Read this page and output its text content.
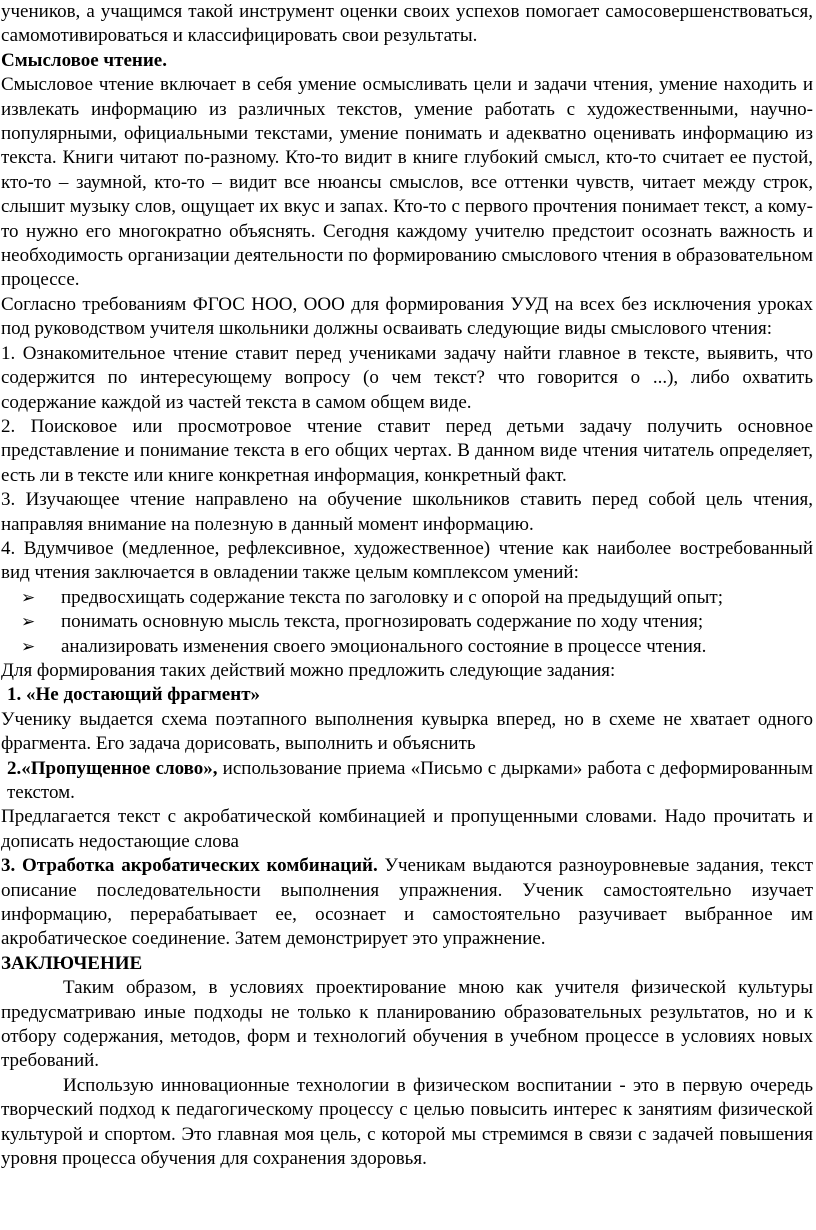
учеников, а учащимся такой инструмент оценки своих успехов помогает самосовершенствоваться, самомотивироваться и классифицировать свои результаты.

Смысловое чтение.

Смысловое чтение включает в себя умение осмысливать цели и задачи чтения, умение находить и извлекать информацию из различных текстов, умение работать с художественными, научно-популярными, официальными текстами, умение понимать и адекватно оценивать информацию из текста. Книги читают по-разному. Кто-то видит в книге глубокий смысл, кто-то считает ее пустой, кто-то – заумной, кто-то – видит все нюансы смыслов, все оттенки чувств, читает между строк, слышит музыку слов, ощущает их вкус и запах. Кто-то с первого прочтения понимает текст, а кому-то нужно его многократно объяснять. Сегодня каждому учителю предстоит осознать важность и необходимость организации деятельности по формированию смыслового чтения в образовательном процессе.

Согласно требованиям ФГОС НОО, ООО для формирования УУД на всех без исключения уроках под руководством учителя школьники должны осваивать следующие виды смыслового чтения:

1. Ознакомительное чтение ставит перед учениками задачу найти главное в тексте, выявить, что содержится по интересующему вопросу (о чем текст? что говорится о ...), либо охватить содержание каждой из частей текста в самом общем виде.

2. Поисковое или просмотровое чтение ставит перед детьми задачу получить основное представление и понимание текста в его общих чертах. В данном виде чтения читатель определяет, есть ли в тексте или книге конкретная информация, конкретный факт.

3. Изучающее чтение направлено на обучение школьников ставить перед собой цель чтения, направляя внимание на полезную в данный момент информацию.

4. Вдумчивое (медленное, рефлексивное, художественное) чтение как наиболее востребованный вид чтения заключается в овладении также целым комплексом умений:

➢	предвосхищать содержание текста по заголовку и с опорой на предыдущий опыт;
➢	понимать основную мысль текста, прогнозировать содержание по ходу чтения;
➢	анализировать изменения своего эмоционального состояние в процессе чтения.

Для формирования таких действий можно предложить следующие задания:

1. «Не достающий фрагмент»

Ученику выдается схема поэтапного выполнения кувырка вперед, но в схеме не хватает одного фрагмента. Его задача дорисовать, выполнить и объяснить

2.«Пропущенное слово», использование приема «Письмо с дырками» работа с деформированным текстом.

Предлагается текст с акробатической комбинацией и пропущенными словами. Надо прочитать и дописать недостающие слова

3. Отработка акробатических комбинаций. Ученикам выдаются разноуровневые задания, текст описание последовательности выполнения упражнения. Ученик самостоятельно изучает информацию, перерабатывает ее, осознает и самостоятельно разучивает выбранное им акробатическое соединение. Затем демонстрирует это упражнение.

ЗАКЛЮЧЕНИЕ

Таким образом, в условиях проектирование мною как учителя физической культуры предусматриваю иные подходы не только к планированию образовательных результатов, но и к отбору содержания, методов, форм и технологий обучения в учебном процессе в условиях новых требований.

Использую инновационные технологии в физическом воспитании - это в первую очередь творческий подход к педагогическому процессу с целью повысить интерес к занятиям физической культурой и спортом. Это главная моя цель, с которой мы стремимся в связи с задачей повышения уровня процесса обучения для сохранения здоровья.
